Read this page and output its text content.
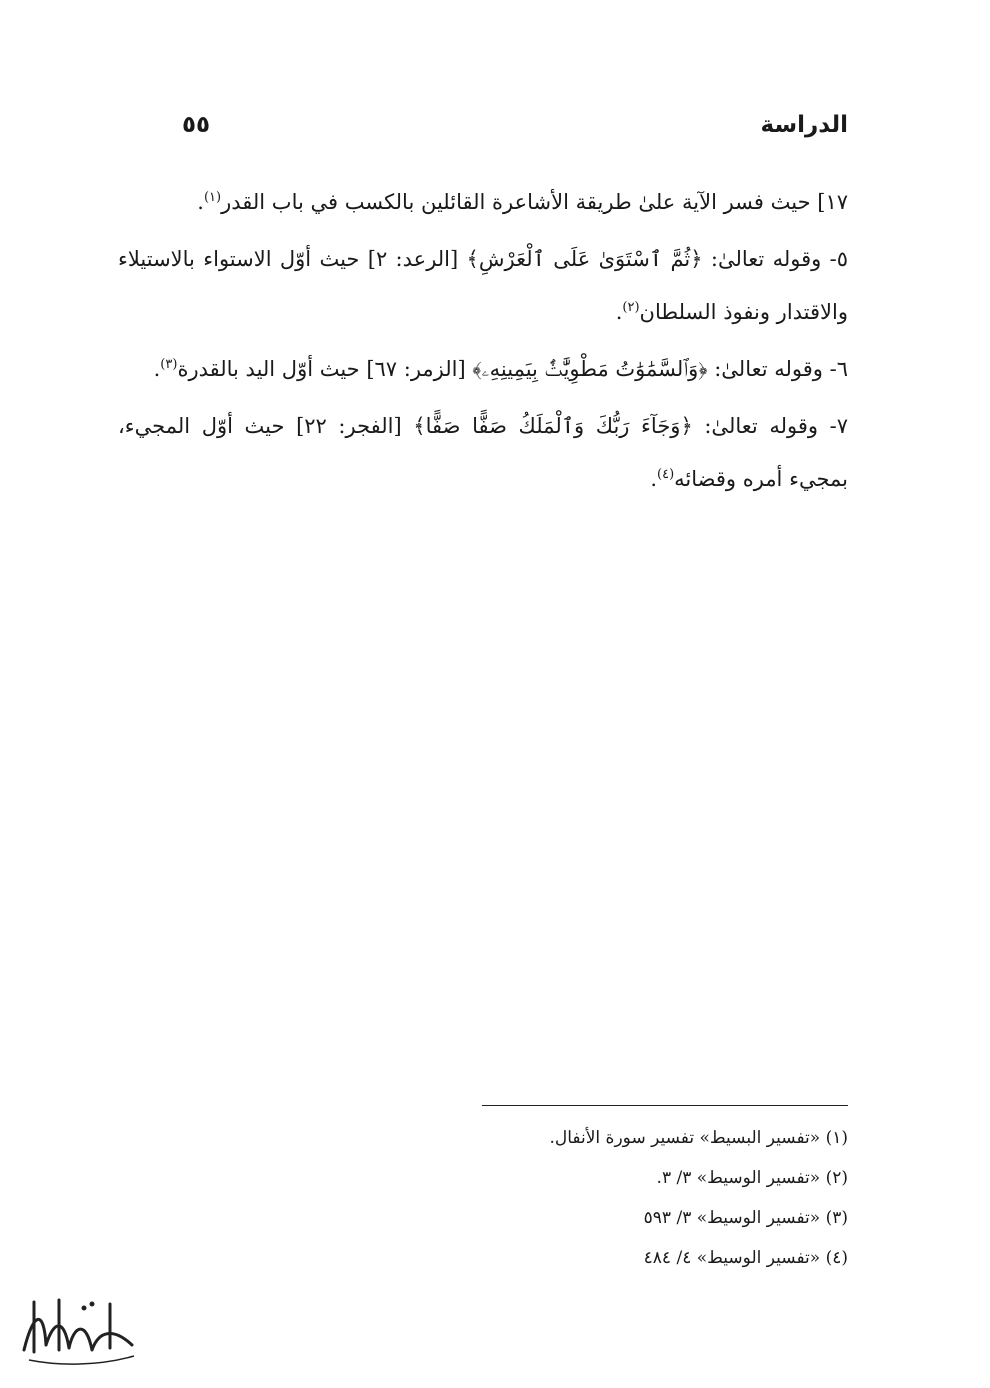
الدراسة
٥٥

١٧] حيث فسر الآية علىٰ طريقة الأشاعرة القائلين بالكسب في باب القدر$^{(١)}$.

٥- وقوله تعالىٰ: ﴿ثُمَّ ٱسْتَوَىٰ عَلَى ٱلْعَرْشِ﴾ [الرعد: ٢] حيث أوّل الاستواء بالاستيلاء والاقتدار ونفوذ السلطان$^{(٢)}$.

٦- وقوله تعالىٰ: ﴿وَٱلسَّمَٰوَٰتُ مَطْوِيَّٰتٌۢ بِيَمِينِهِۦ﴾ [الزمر: ٦٧] حيث أوّل اليد بالقدرة$^{(٣)}$.

٧- وقوله تعالىٰ: ﴿وَجَآءَ رَبُّكَ وَٱلْمَلَكُ صَفًّا صَفًّا﴾ [الفجر: ٢٢] حيث أوّل المجيء، بمجيء أمره وقضائه$^{(٤)}$.

(١) «تفسير البسيط» تفسير سورة الأنفال.
(٢) «تفسير الوسيط» ٣/ ٣.
(٣) «تفسير الوسيط» ٣/ ٥٩٣
(٤) «تفسير الوسيط» ٤/ ٤٨٤
